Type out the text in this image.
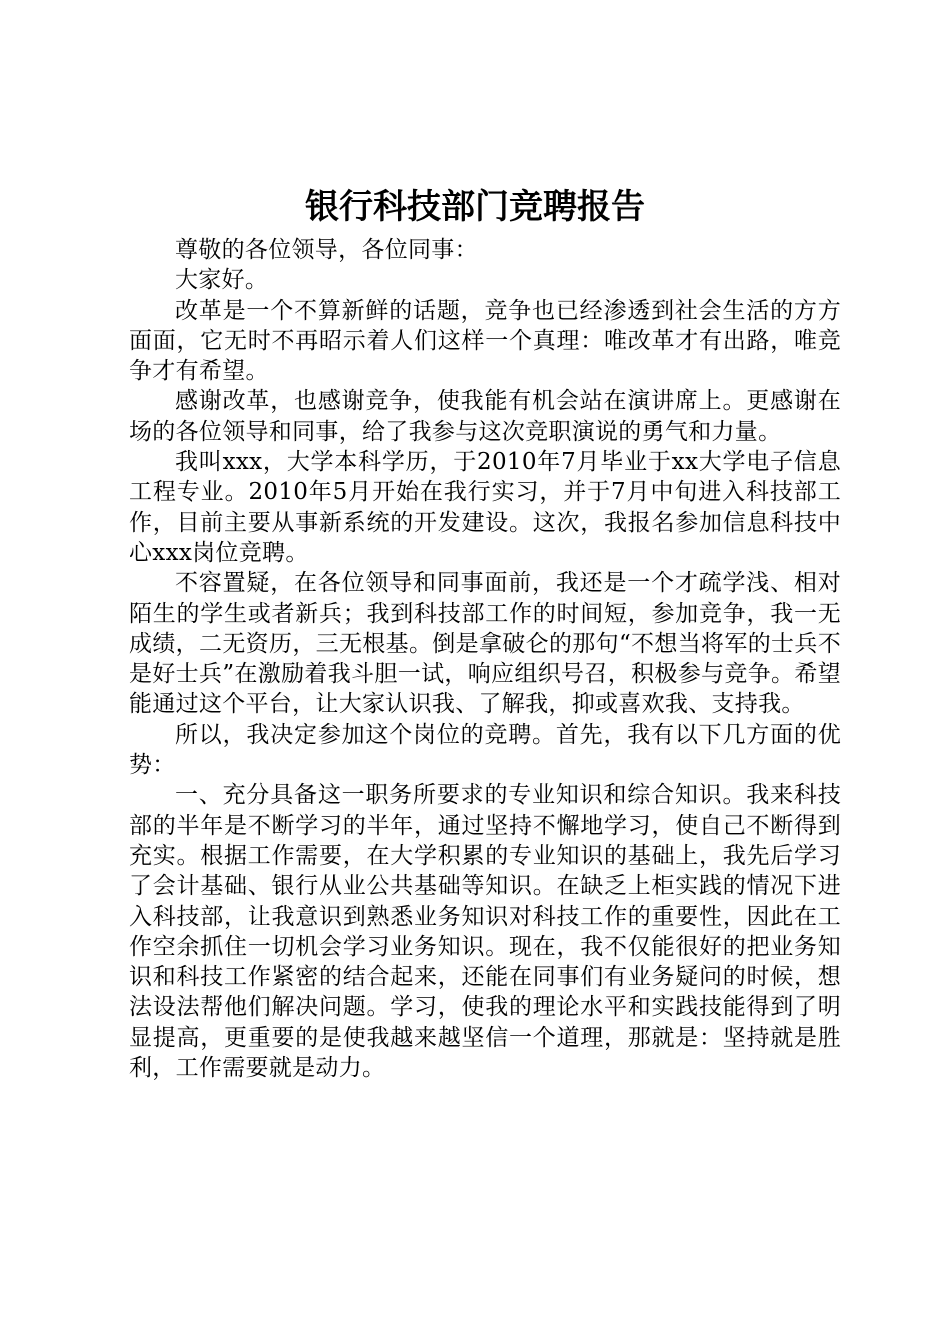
银行科技部门竞聘报告

尊敬的各位领导，各位同事：

大家好。

改革是一个不算新鲜的话题，竞争也已经渗透到社会生活的方方面面，它无时不再昭示着人们这样一个真理：唯改革才有出路，唯竞争才有希望。

感谢改革，也感谢竞争，使我能有机会站在演讲席上。更感谢在场的各位领导和同事，给了我参与这次竞职演说的勇气和力量。

我叫xxx，大学本科学历，于2010年7月毕业于xx大学电子信息工程专业。2010年5月开始在我行实习，并于7月中旬进入科技部工作，目前主要从事新系统的开发建设。这次，我报名参加信息科技中心xxx岗位竞聘。

不容置疑，在各位领导和同事面前，我还是一个才疏学浅、相对陌生的学生或者新兵；我到科技部工作的时间短，参加竞争，我一无成绩，二无资历，三无根基。倒是拿破仑的那句“不想当将军的士兵不是好士兵”在激励着我斗胆一试，响应组织号召，积极参与竞争。希望能通过这个平台，让大家认识我、了解我，抑或喜欢我、支持我。

所以，我决定参加这个岗位的竞聘。首先，我有以下几方面的优势：

一、充分具备这一职务所要求的专业知识和综合知识。我来科技部的半年是不断学习的半年，通过坚持不懈地学习，使自己不断得到充实。根据工作需要，在大学积累的专业知识的基础上，我先后学习了会计基础、银行从业公共基础等知识。在缺乏上柜实践的情况下进入科技部，让我意识到熟悉业务知识对科技工作的重要性，因此在工作空余抓住一切机会学习业务知识。现在，我不仅能很好的把业务知识和科技工作紧密的结合起来，还能在同事们有业务疑问的时候，想法设法帮他们解决问题。学习，使我的理论水平和实践技能得到了明显提高，更重要的是使我越来越坚信一个道理，那就是：坚持就是胜利，工作需要就是动力。
